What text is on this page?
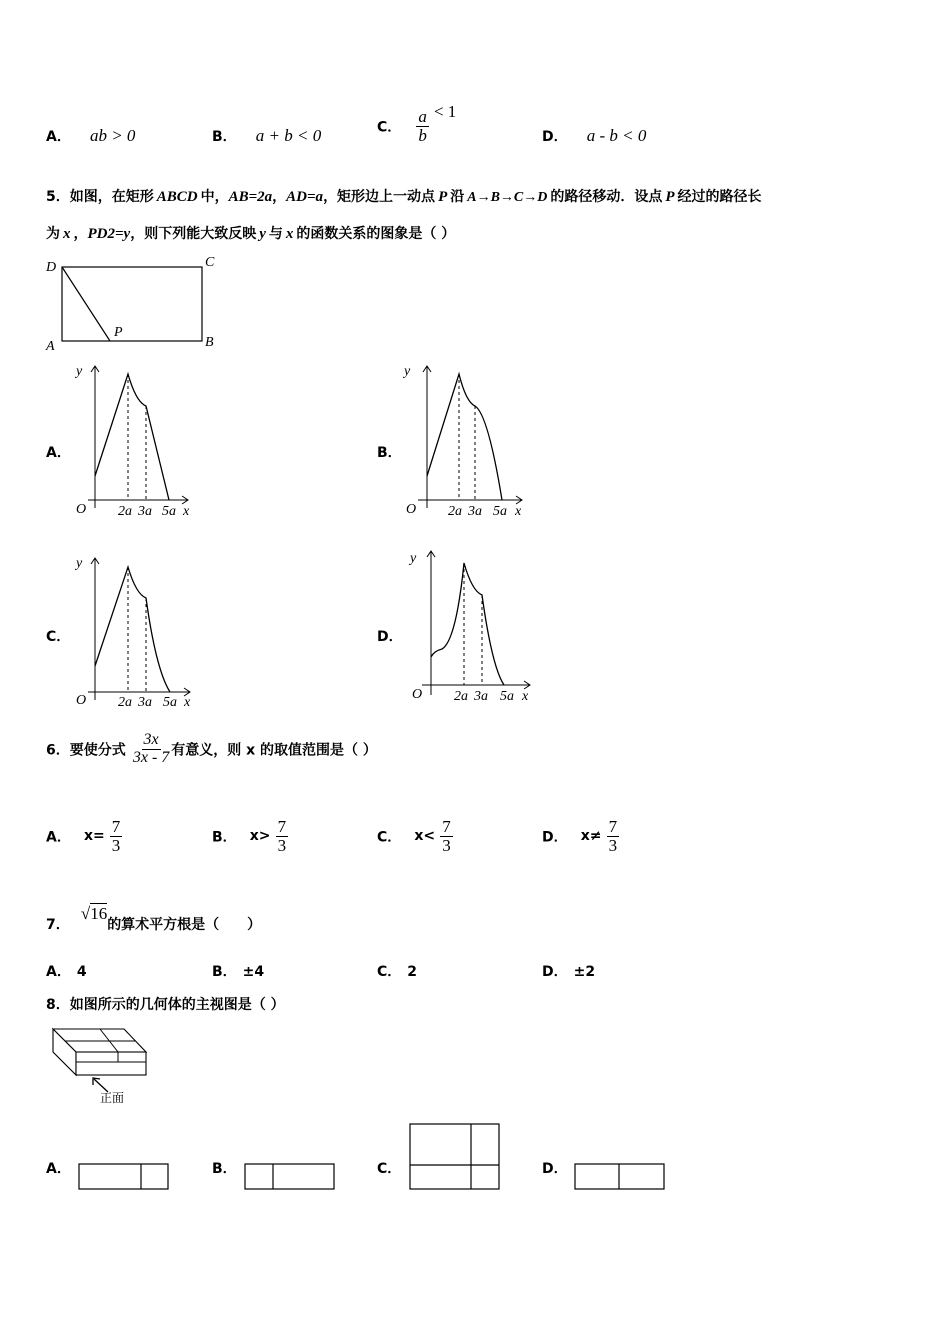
A． ab > 0	B． a + b < 0	C． $\frac{a}{b} < 1$
D． a - b < 0
5．如图，在矩形 ABCD 中，AB=2a，AD=a，矩形边上一动点 P 沿 A→B→C→D 的路径移动．设点 P 经过的路径长
为 x ，PD2=y，则下列能大致反映 y 与 x 的函数关系的图象是（ ）
D	C
A	B
P
A．	B．
C．	D．
y
O 2a 3a 5a x
y
O 2a 3a 5a x
y
O 2a 3a 5a x
y
O 2a 3a 5a x
6．要使分式 $\frac{3x}{3x - 7}$ 有意义，则 x 的取值范围是（ ）
A． $x= \frac{7}{3}$	B． $x> \frac{7}{3}$	C． $x< \frac{7}{3}$	D． $x\ne \frac{7}{3}$
7． √16的算术平方根是（　　）
A． 4	B． ±4	C． 2	D． ±2
8．如图所示的几何体的主视图是（ ）
正面
A．	B．	C．	D．
